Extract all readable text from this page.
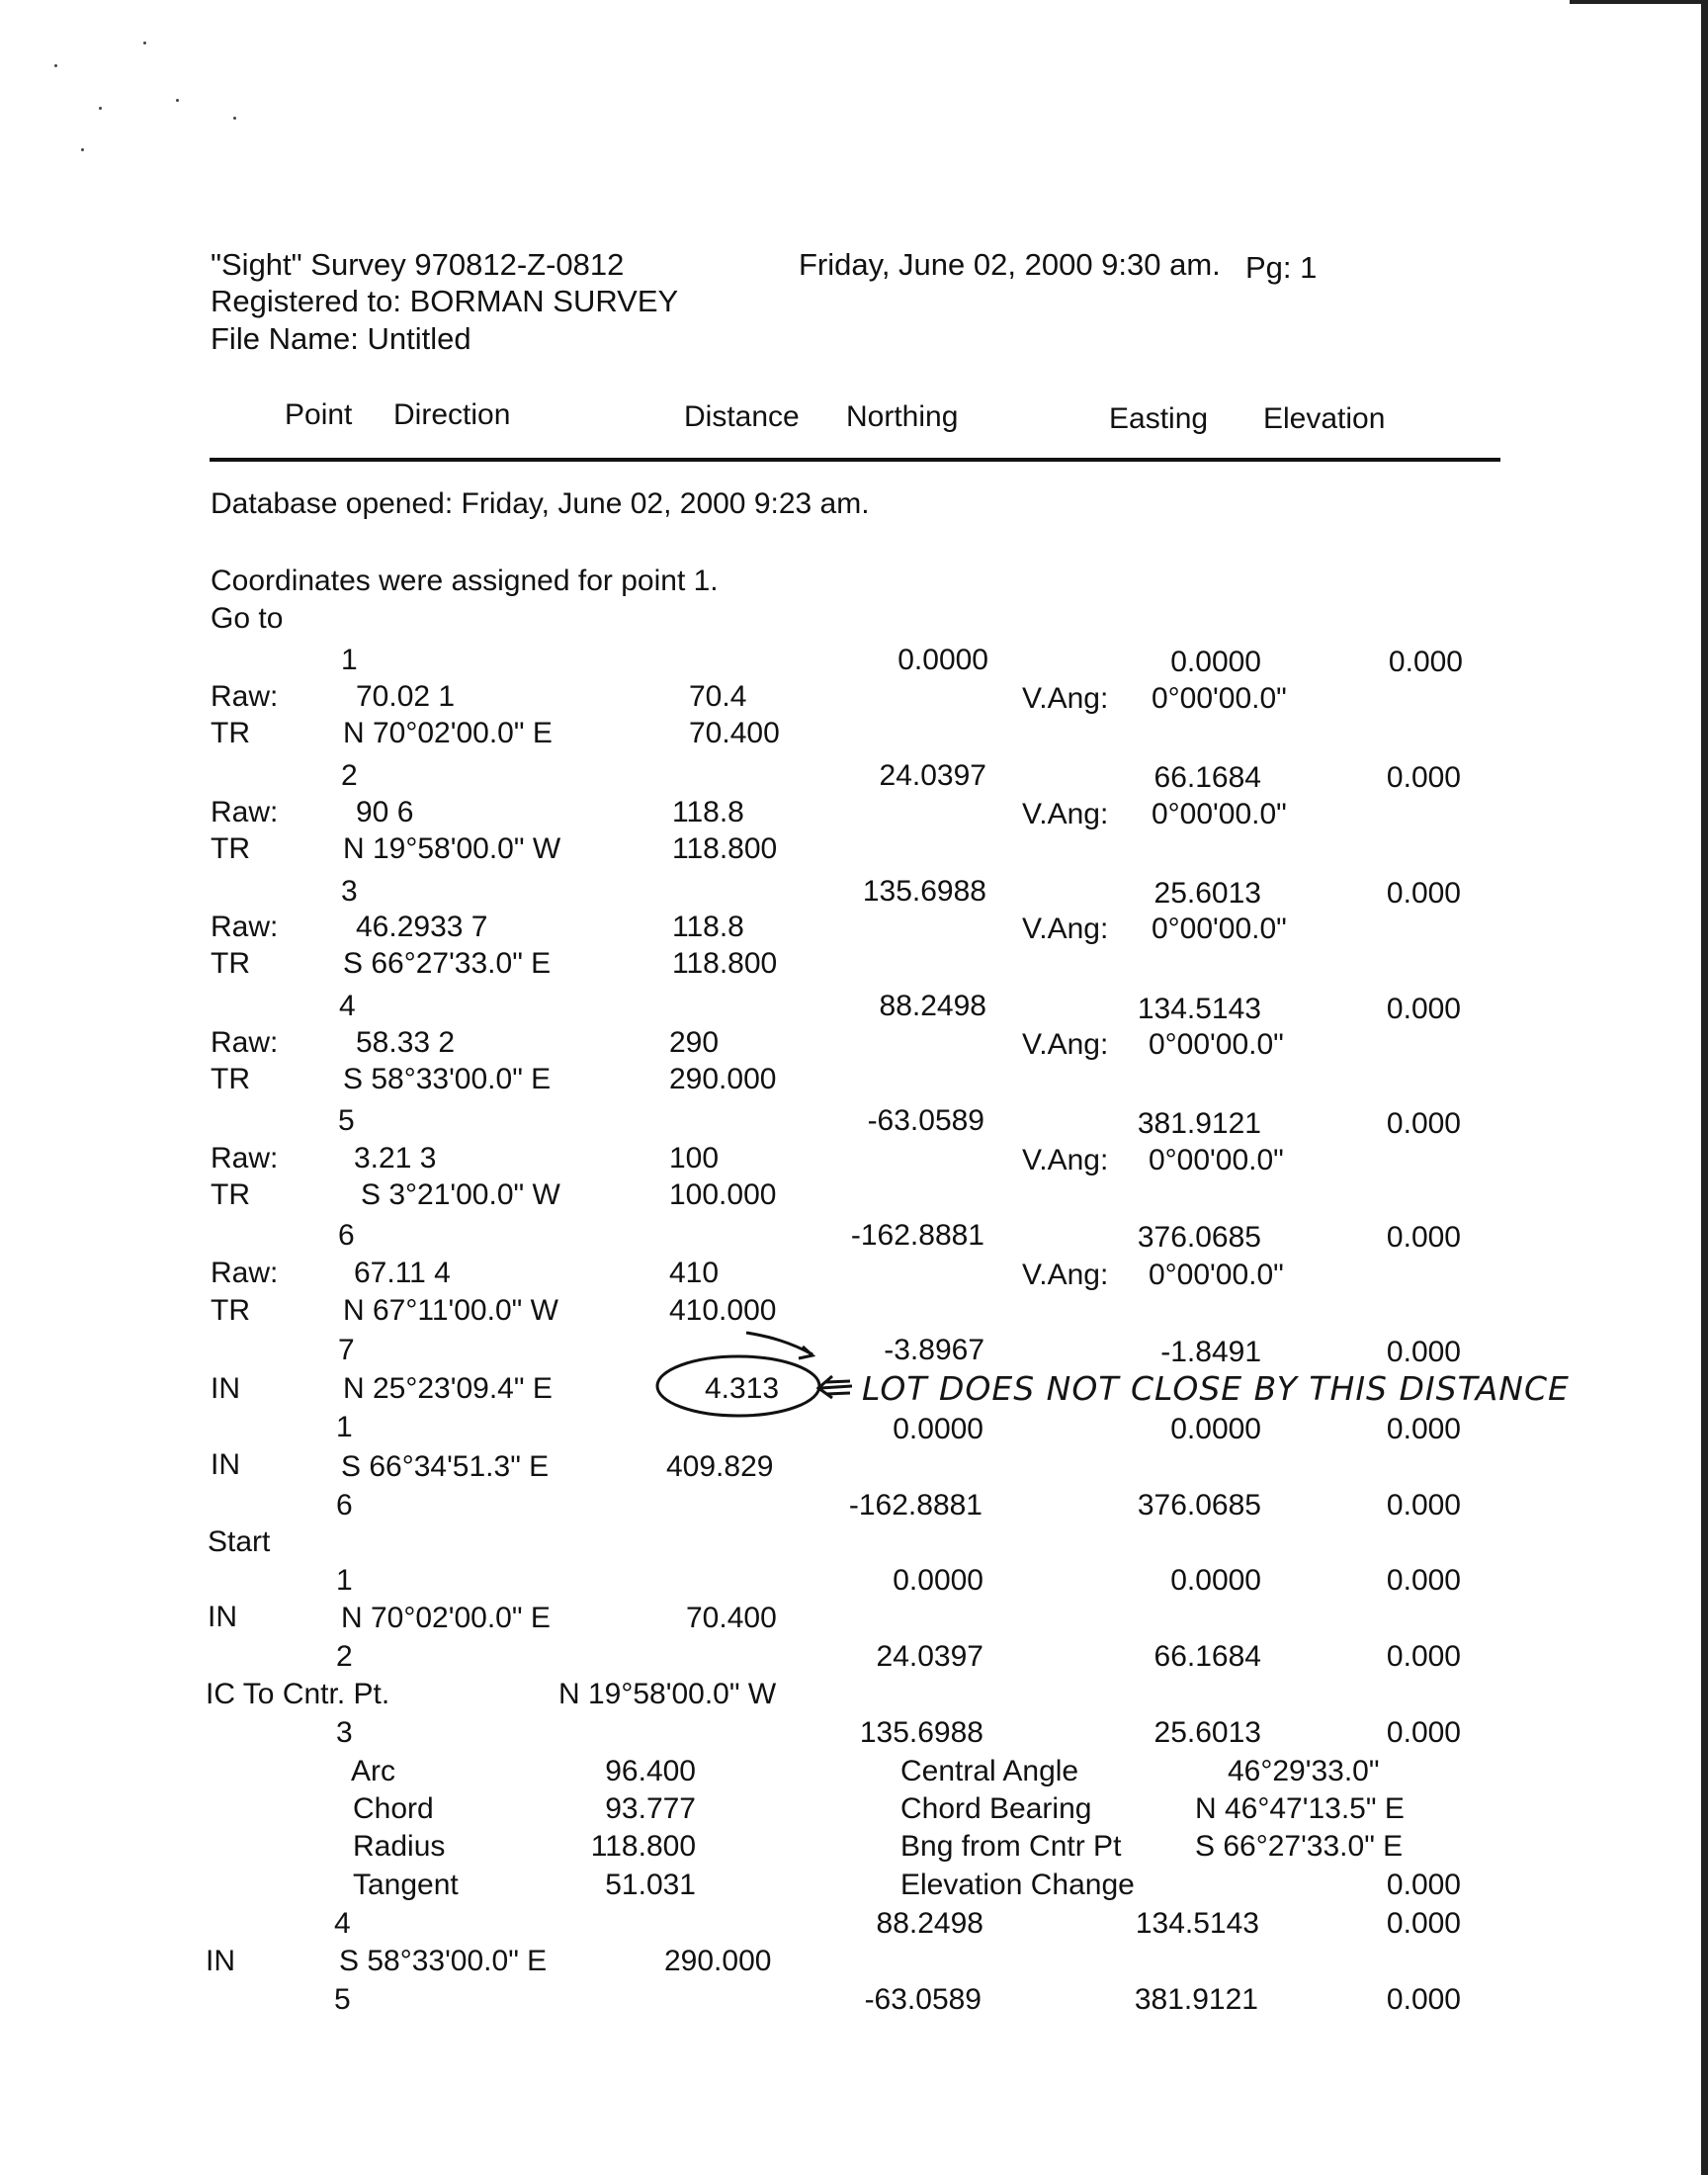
"Sight" Survey 970812-Z-0812	Friday, June 02, 2000 9:30 am. Pg: 1
Registered to: BORMAN SURVEY
File Name: Untitled
Point Direction	Distance Northing	Easting Elevation
Database opened: Friday, June 02, 2000 9:23 am.
Coordinates were assigned for point 1.
Go to
1	0.0000	0.0000	0.000
Raw:	70.02 1	70.4	V.Ang: 0°00'00.0"
TR	N 70°02'00.0" E	70.400
2	24.0397	66.1684	0.000
Raw:	90 6	118.8	V.Ang: 0°00'00.0"
TR	N 19°58'00.0" W	118.800
3	135.6988	25.6013	0.000
Raw:	46.2933 7	118.8	V.Ang: 0°00'00.0"
TR	S 66°27'33.0" E	118.800
4	88.2498	134.5143	0.000
Raw:	58.33 2	290	V.Ang: 0°00'00.0"
TR	S 58°33'00.0" E	290.000
5	-63.0589	381.9121	0.000
Raw:	3.21 3	100	V.Ang: 0°00'00.0"
TR	S 3°21'00.0" W	100.000
6	-162.8881	376.0685	0.000
Raw:	67.11 4	410	V.Ang: 0°00'00.0"
TR	N 67°11'00.0" W	410.000
7	-3.8967	-1.8491	0.000
IN	N 25°23'09.4" E	4.313
1	0.0000	0.0000	0.000
IN	S 66°34'51.3" E	409.829
6	-162.8881	376.0685	0.000
LOT DOES NOT CLOSE BY THIS DISTANCE
Start
1	0.0000	0.0000	0.000
IN	N 70°02'00.0" E	70.400
2	24.0397	66.1684	0.000
IC To Cntr. Pt.	N 19°58'00.0" W
3	135.6988	25.6013	0.000
Arc	96.400	Central Angle	46°29'33.0"
Chord	93.777	Chord Bearing	N 46°47'13.5" E
Radius	118.800	Bng from Cntr Pt S 66°27'33.0" E
Tangent	51.031	Elevation Change	0.000
4	88.2498	134.5143	0.000
IN	S 58°33'00.0" E	290.000
5	-63.0589	381.9121	0.000
